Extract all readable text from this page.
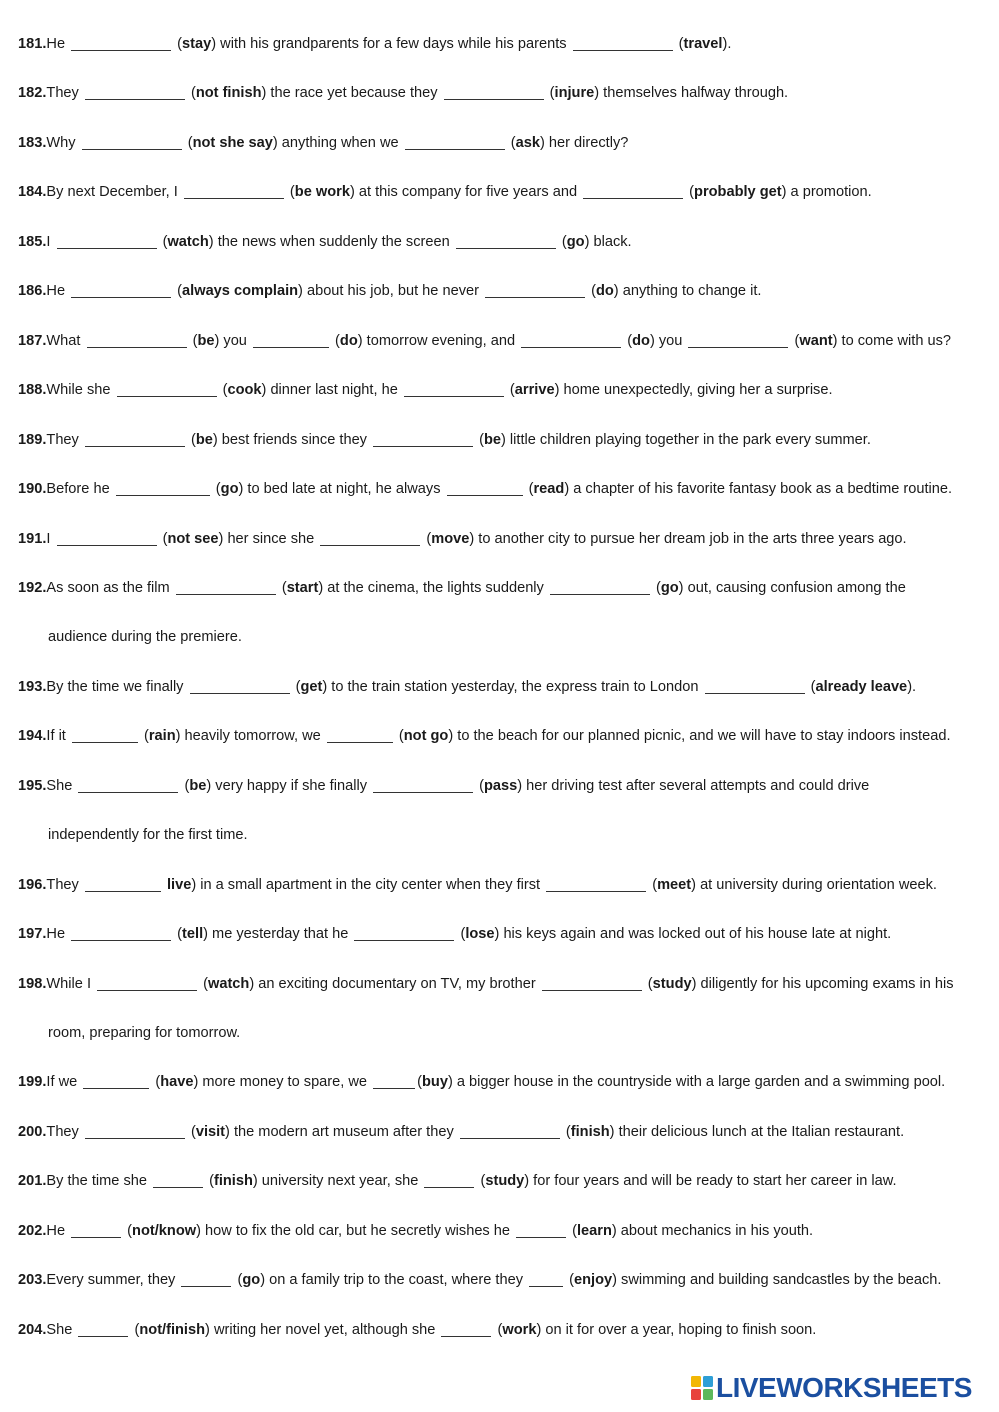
181.He	(stay) with his grandparents for a few days while his parents	(travel).
182.They	(not finish) the race yet because they	(injure) themselves halfway through.
183.Why	(not she say) anything when we	(ask) her directly?
184.By next December, I	(be work) at this company for five years and	(probably get) a promotion.
185.I	(watch) the news when suddenly the screen	(go) black.
186.He	(always complain) about his job, but he never	(do) anything to change it.
187.What	(be) you	(do) tomorrow evening, and	(do) you	(want) to come with us?
188.While she	(cook) dinner last night, he	(arrive) home unexpectedly, giving her a surprise.
189.They	(be) best friends since they	(be) little children playing together in the park every summer.
190.Before he	(go) to bed late at night, he always	(read) a chapter of his favorite fantasy book as a bedtime routine.
191.I	(not see) her since she	(move) to another city to pursue her dream job in the arts three years ago.
192.As soon as the film	(start) at the cinema, the lights suddenly	(go) out, causing confusion among the
audience during the premiere.
193.By the time we finally	(get) to the train station yesterday, the express train to London	(already leave).
194.If it	(rain) heavily tomorrow, we	(not go) to the beach for our planned picnic, and we will have to stay indoors instead.
195.She	(be) very happy if she finally	(pass) her driving test after several attempts and could drive
independently for the first time.
196.They	live) in a small apartment in the city center when they first	(meet) at university during orientation week.
197.He	(tell) me yesterday that he	(lose) his keys again and was locked out of his house late at night.
198.While I	(watch) an exciting documentary on TV, my brother	(study) diligently for his upcoming exams in his
room, preparing for tomorrow.
199.If we	(have) more money to spare, we	(buy) a bigger house in the countryside with a large garden and a swimming pool.
200.They	(visit) the modern art museum after they	(finish) their delicious lunch at the Italian restaurant.
201.By the time she	(finish) university next year, she	(study) for four years and will be ready to start her career in law.
202.He	(not/know) how to fix the old car, but he secretly wishes he	(learn) about mechanics in his youth.
203.Every summer, they	(go) on a family trip to the coast, where they	(enjoy) swimming and building sandcastles by the beach.
204.She	(not/finish) writing her novel yet, although she	(work) on it for over a year, hoping to finish soon.
LIVEWORKSHEETS
